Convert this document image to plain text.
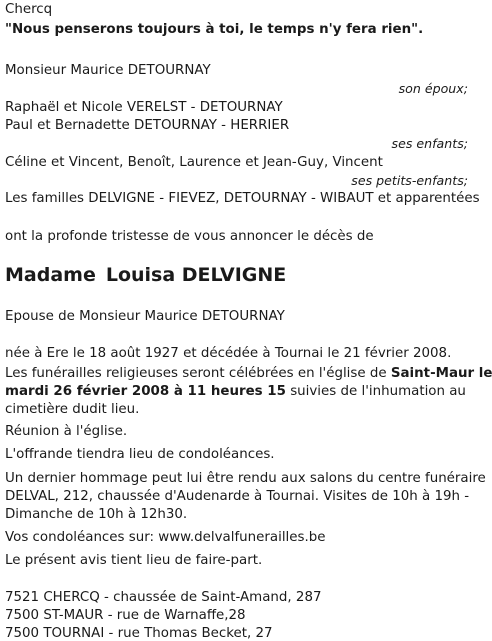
Chercq
"Nous penserons toujours à toi, le temps n'y fera rien".
Monsieur Maurice DETOURNAY
son époux;
Raphaël et Nicole VERELST - DETOURNAY
Paul et Bernadette DETOURNAY - HERRIER
ses enfants;
Céline et Vincent, Benoît, Laurence et Jean-Guy, Vincent
ses petits-enfants;
Les familles DELVIGNE - FIEVEZ, DETOURNAY - WIBAUT et apparentées
ont la profonde tristesse de vous annoncer le décès de
Madame Louisa DELVIGNE
Epouse de Monsieur Maurice DETOURNAY
née à Ere le 18 août 1927 et décédée à Tournai le 21 février 2008.
Les funérailles religieuses seront célébrées en l'église de Saint-Maur le
mardi 26 février 2008 à 11 heures 15 suivies de l'inhumation au
cimetière dudit lieu.
Réunion à l'église.
L'offrande tiendra lieu de condoléances.
Un dernier hommage peut lui être rendu aux salons du centre funéraire
DELVAL, 212, chaussée d'Audenarde à Tournai. Visites de 10h à 19h -
Dimanche de 10h à 12h30.
Vos condoléances sur: www.delvalfunerailles.be
Le présent avis tient lieu de faire-part.
7521 CHERCQ - chaussée de Saint-Amand, 287
7500 ST-MAUR - rue de Warnaffe,28
7500 TOURNAI - rue Thomas Becket, 27
